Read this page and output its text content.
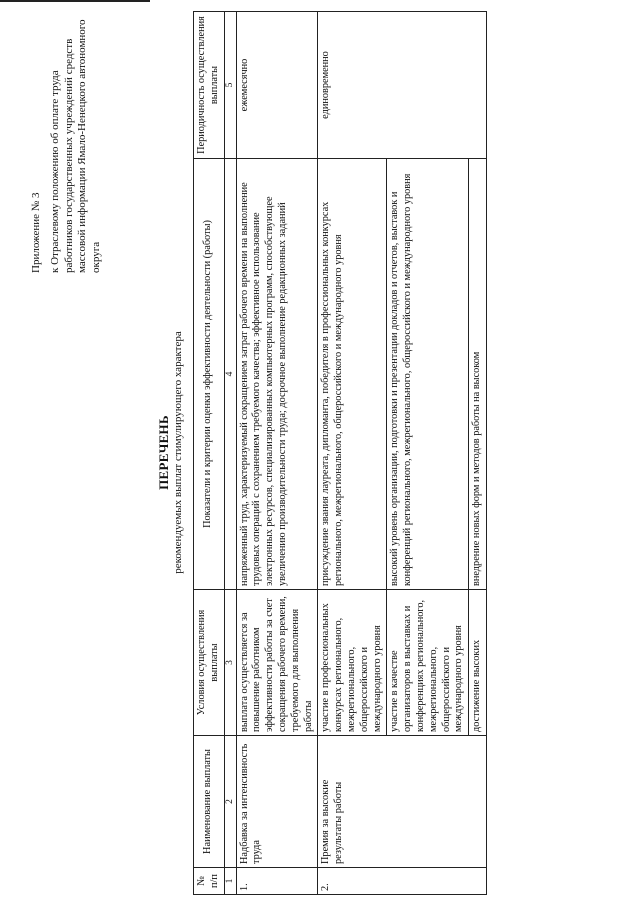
Приложение № 3 к Отраслевому положению об оплате труда работников государственных учреждений средств массовой информации Ямало-Ненецкого автономного округа
ПЕРЕЧЕНЬ рекомендуемых выплат стимулирующего характера
№ п/п	Наименование выплаты	Условия осуществления выплаты	Показатели и критерии оценки эффективности деятельности (работы)	Периодичность осуществления выплаты
1	2	3	4	5
1.	Надбавка за интенсивность труда	выплата осуществляется за повышение работником эффективности работы за счет сокращения рабочего времени, требуемого для выполнения работы	напряженный труд, характеризуемый сокращением затрат рабочего времени на выполнение трудовых операций с сохранением требуемого качества; эффективное использование электронных ресурсов, специализированных компьютерных программ, способствующее увеличению производительности труда; досрочное выполнение редакционных заданий	ежемесячно
2.	Премия за высокие результаты работы	участие в профессиональных конкурсах регионального, межрегионального, общероссийского и международного уровня	присуждение звания лауреата, дипломанта, победителя в профессиональных конкурсах регионального, межрегионального, общероссийского и международного уровня	единовременно
		участие в качестве организаторов в выставках и конференциях регионального, межрегионального, общероссийского и международного уровня	высокий уровень организации, подготовки и презентации докладов и отчетов, выставок и конференций регионального, межрегионального, общероссийского и международного уровня	
		достижение высоких	внедрение новых форм и методов работы на высоком	
